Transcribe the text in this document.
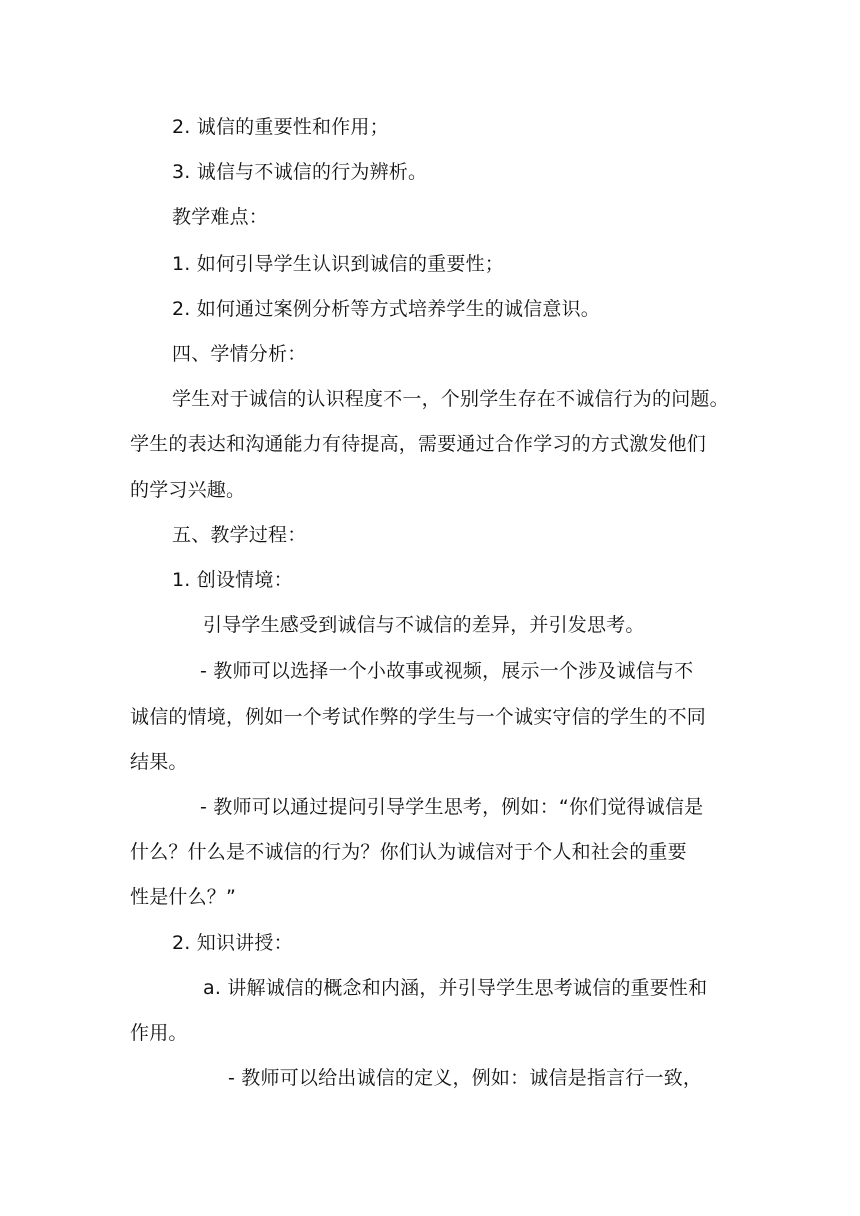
2. 诚信的重要性和作用；
3. 诚信与不诚信的行为辨析。
教学难点：
1. 如何引导学生认识到诚信的重要性；
2. 如何通过案例分析等方式培养学生的诚信意识。
四、学情分析：
学生对于诚信的认识程度不一，个别学生存在不诚信行为的问题。
学生的表达和沟通能力有待提高，需要通过合作学习的方式激发他们
的学习兴趣。
五、教学过程：
1. 创设情境：
引导学生感受到诚信与不诚信的差异，并引发思考。
- 教师可以选择一个小故事或视频，展示一个涉及诚信与不
诚信的情境，例如一个考试作弊的学生与一个诚实守信的学生的不同
结果。
- 教师可以通过提问引导学生思考，例如：“你们觉得诚信是
什么？什么是不诚信的行为？你们认为诚信对于个人和社会的重要
性是什么？”
2. 知识讲授：
a. 讲解诚信的概念和内涵，并引导学生思考诚信的重要性和
作用。
- 教师可以给出诚信的定义，例如：诚信是指言行一致，
